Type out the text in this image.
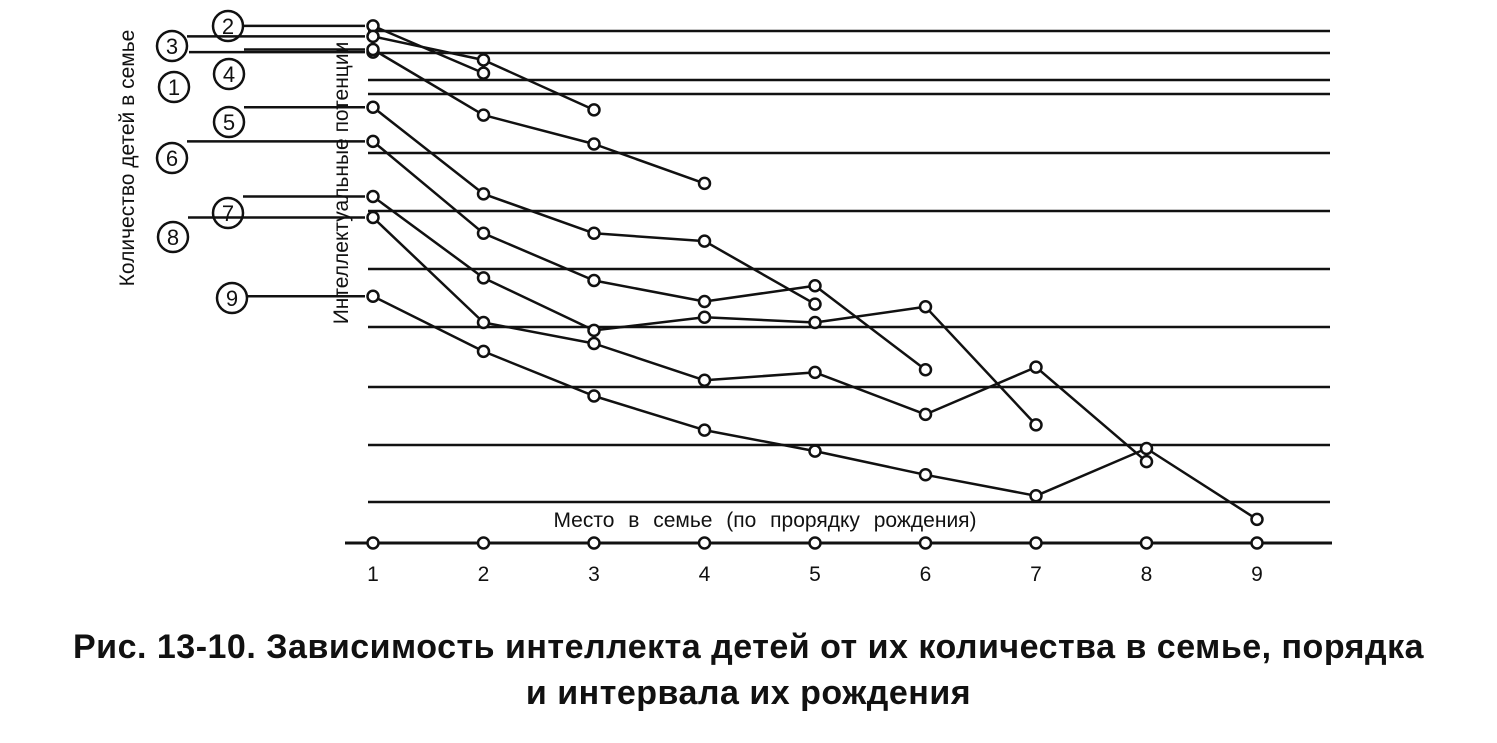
1	2	3	4	5	6	7	8	9
1
2
3
4
5
6
7
8
9
Количество детей в семье	Интеллектуальные потенции
Место в семье (по прорядку рождения)
Рис. 13-10. Зависимость интеллекта детей от их количества в семье, порядка
и интервала их рождения
